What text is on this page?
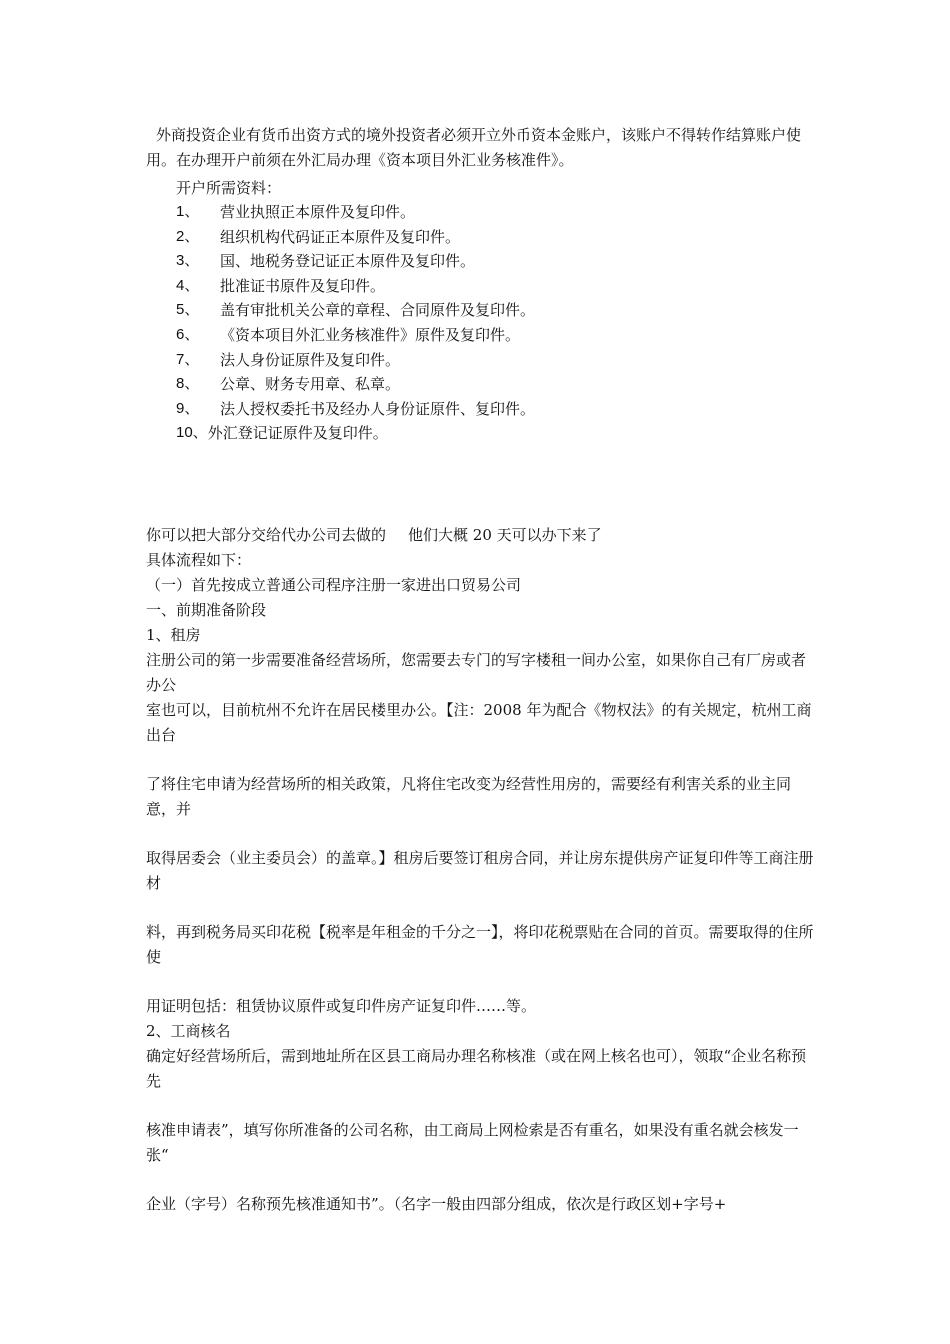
外商投资企业有货币出资方式的境外投资者必须开立外币资本金账户，该账户不得转作结算账户使用。在办理开户前须在外汇局办理《资本项目外汇业务核准件》。
开户所需资料：
1、	营业执照正本原件及复印件。
2、	组织机构代码证正本原件及复印件。
3、	国、地税务登记证正本原件及复印件。
4、	批准证书原件及复印件。
5、	盖有审批机关公章的章程、合同原件及复印件。
6、	《资本项目外汇业务核准件》原件及复印件。
7、	法人身份证原件及复印件。
8、	公章、财务专用章、私章。
9、	法人授权委托书及经办人身份证原件、复印件。
10、 外汇登记证原件及复印件。

你可以把大部分交给代办公司去做的 他们大概 20 天可以办下来了

具体流程如下：

（一）首先按成立普通公司程序注册一家进出口贸易公司

一、前期准备阶段

1、租房

注册公司的第一步需要准备经营场所，您需要去专门的写字楼租一间办公室，如果你自己有厂房或者办公

室也可以，目前杭州不允许在居民楼里办公。【注：2008 年为配合《物权法》的有关规定，杭州工商出台

了将住宅申请为经营场所的相关政策，凡将住宅改变为经营性用房的，需要经有利害关系的业主同意，并

取得居委会（业主委员会）的盖章。】租房后要签订租房合同，并让房东提供房产证复印件等工商注册材

料，再到税务局买印花税【税率是年租金的千分之一】，将印花税票贴在合同的首页。需要取得的住所使

用证明包括：租赁协议原件或复印件房产证复印件……等。

2、工商核名

确定好经营场所后，需到地址所在区县工商局办理名称核准（或在网上核名也可），领取“企业名称预先

核准申请表”，填写你所准备的公司名称，由工商局上网检索是否有重名，如果没有重名就会核发一张“

企业（字号）名称预先核准通知书”。（名字一般由四部分组成，依次是行政区划+字号+
